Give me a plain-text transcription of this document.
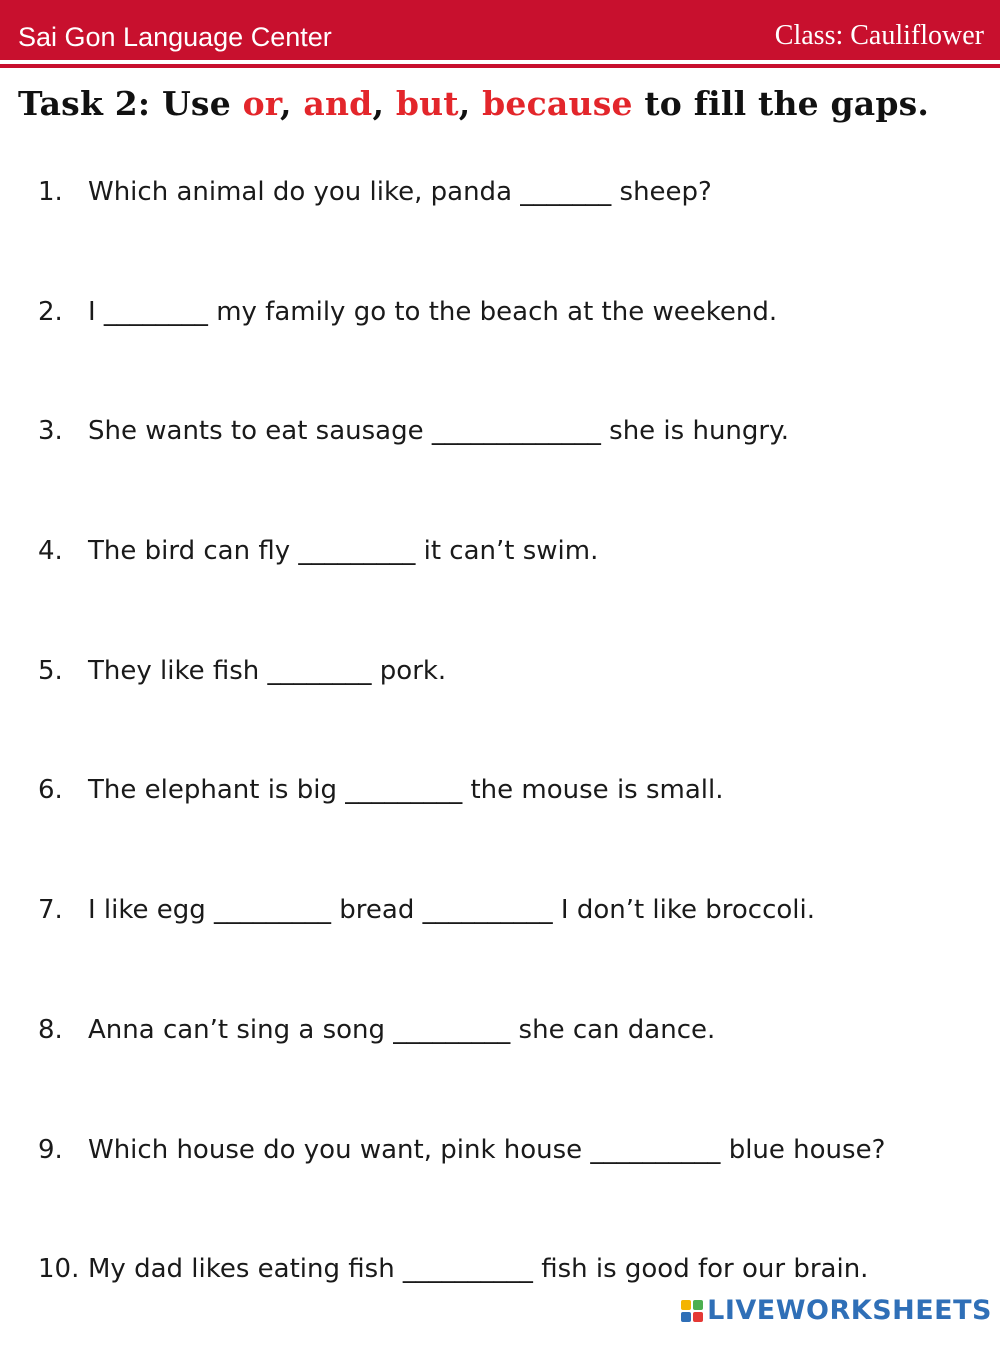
Sai Gon Language Center	Class: Cauliflower
Task 2: Use or, and, but, because to fill the gaps.
1. Which animal do you like, panda _______ sheep?
2. I ________ my family go to the beach at the weekend.
3. She wants to eat sausage _____________ she is hungry.
4. The bird can fly _________ it can’t swim.
5. They like fish ________ pork.
6. The elephant is big _________ the mouse is small.
7. I like egg _________ bread __________ I don’t like broccoli.
8. Anna can’t sing a song _________ she can dance.
9. Which house do you want, pink house __________ blue house?
10. My dad likes eating fish __________ fish is good for our brain.
LIVEWORKSHEETS
